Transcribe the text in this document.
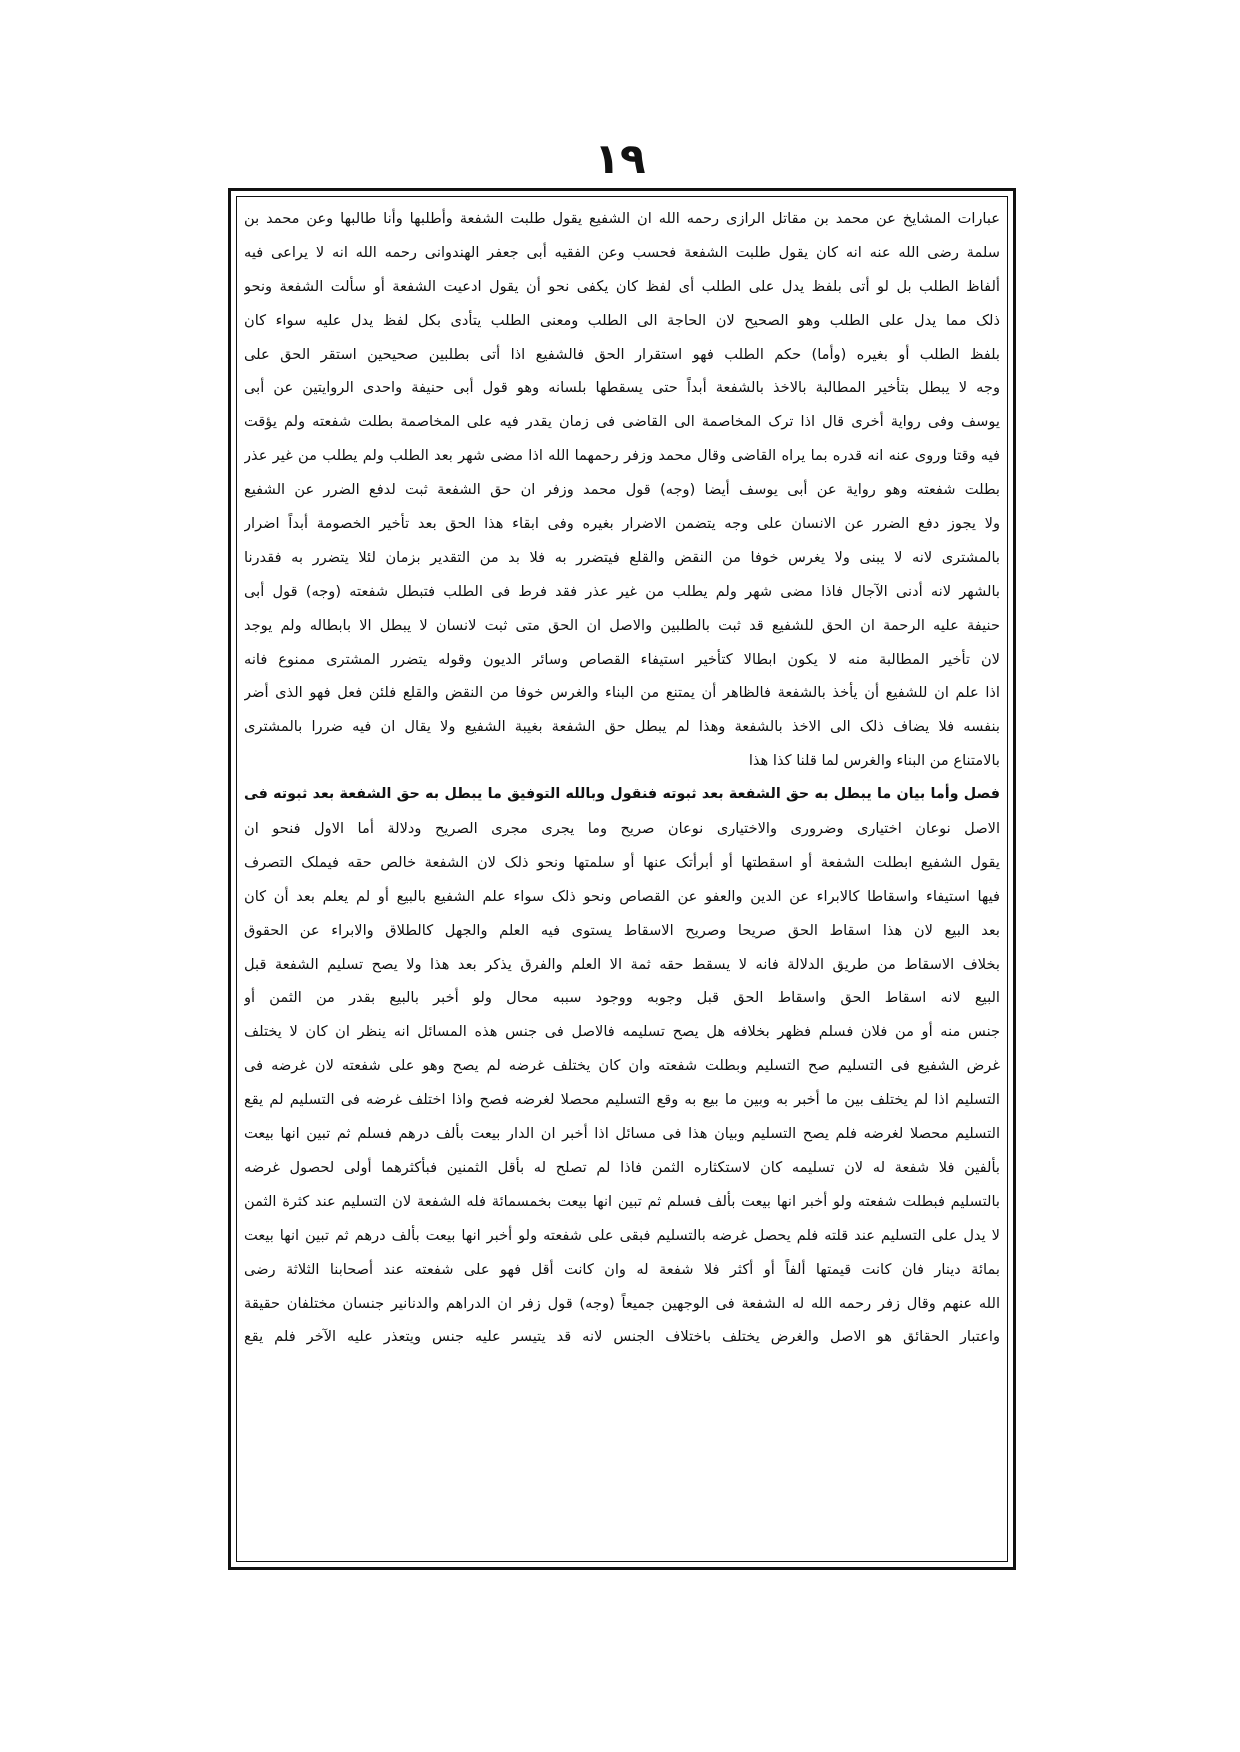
١٩
عبارات المشايخ عن محمد بن مقاتل الرازی رحمه الله ان الشفیع یقول طلبت الشفعة وأطلبها وأنا طالبها وعن محمد بن
سلمة رضی الله عنه انه کان یقول طلبت الشفعة فحسب وعن الفقیه أبی جعفر الهندوانی رحمه الله انه لا یراعی فیه
ألفاظ الطلب بل لو أتی بلفظ یدل علی الطلب أی لفظ کان یکفی نحو أن یقول ادعیت الشفعة أو سألت الشفعة ونحو
ذلک مما یدل علی الطلب وهو الصحیح لان الحاجة الی الطلب ومعنی الطلب یتأدی بکل لفظ یدل علیه سواء کان
بلفظ الطلب أو بغیره (وأما) حکم الطلب فهو استقرار الحق فالشفیع اذا أتی بطلبین صحیحین استقر الحق علی
وجه لا یبطل بتأخیر المطالبة بالاخذ بالشفعة أبداً حتی یسقطها بلسانه وهو قول أبی حنیفة واحدی الروایتین عن أبی
یوسف وفی روایة أخری قال اذا ترک المخاصمة الی القاضی فی زمان یقدر فیه علی المخاصمة بطلت شفعته ولم یؤقت
فیه وقتا وروی عنه انه قدره بما یراه القاضی وقال محمد وزفر رحمهما الله اذا مضی شهر بعد الطلب ولم یطلب من غیر عذر
بطلت شفعته وهو روایة عن أبی یوسف أیضا (وجه) قول محمد وزفر ان حق الشفعة ثبت لدفع الضرر عن الشفیع
ولا یجوز دفع الضرر عن الانسان علی وجه یتضمن الاضرار بغیره وفی ابقاء هذا الحق بعد تأخیر الخصومة أبداً اضرار
بالمشتری لانه لا یبنی ولا یغرس خوفا من النقض والقلع فیتضرر به فلا بد من التقدیر بزمان لئلا یتضرر به فقدرنا
بالشهر لانه أدنی الآجال فاذا مضی شهر ولم یطلب من غیر عذر فقد فرط فی الطلب فتبطل شفعته (وجه) قول أبی
حنیفة علیه الرحمة ان الحق للشفیع قد ثبت بالطلبین والاصل ان الحق متی ثبت لانسان لا یبطل الا بابطاله ولم یوجد
لان تأخیر المطالبة منه لا یکون ابطالا کتأخیر استیفاء القصاص وسائر الدیون وقوله یتضرر المشتری ممنوع فانه
اذا علم ان للشفیع أن یأخذ بالشفعة فالظاهر أن یمتنع من البناء والغرس خوفا من النقض والقلع فلئن فعل فهو الذی أضر
بنفسه فلا یضاف ذلک الی الاخذ بالشفعة وهذا لم یبطل حق الشفعة بغیبة الشفیع ولا یقال ان فیه ضررا بالمشتری
بالامتناع من البناء والغرس لما قلنا کذا هذا
فصل وأما بیان ما یبطل به حق الشفعة بعد ثبوته فنقول وبالله التوفیق ما یبطل به حق الشفعة بعد ثبوته فی
الاصل نوعان اختیاری وضروری والاختیاری نوعان صریح وما یجری مجری الصریح ودلالة أما الاول فنحو ان
یقول الشفیع ابطلت الشفعة أو اسقطتها أو أبرأتک عنها أو سلمتها ونحو ذلک لان الشفعة خالص حقه فیملک التصرف
فیها استیفاء واسقاطا کالابراء عن الدین والعفو عن القصاص ونحو ذلک سواء علم الشفیع بالبیع أو لم یعلم بعد أن کان
بعد البیع لان هذا اسقاط الحق صریحا وصریح الاسقاط یستوی فیه العلم والجهل کالطلاق والابراء عن الحقوق
بخلاف الاسقاط من طریق الدلالة فانه لا یسقط حقه ثمة الا العلم والفرق یذکر بعد هذا ولا یصح تسلیم الشفعة قبل
البیع لانه اسقاط الحق واسقاط الحق قبل وجوبه ووجود سببه محال ولو أخبر بالبیع بقدر من الثمن أو
جنس منه أو من فلان فسلم فظهر بخلافه هل یصح تسلیمه فالاصل فی جنس هذه المسائل انه ینظر ان کان لا یختلف
غرض الشفیع فی التسلیم صح التسلیم وبطلت شفعته وان کان یختلف غرضه لم یصح وهو علی شفعته لان غرضه فی
التسلیم اذا لم یختلف بین ما أخبر به وبین ما بیع به وقع التسلیم محصلا لغرضه فصح واذا اختلف غرضه فی التسلیم لم یقع
التسلیم محصلا لغرضه فلم یصح التسلیم وبیان هذا فی مسائل اذا أخبر ان الدار بیعت بألف درهم فسلم ثم تبین انها بیعت
بألفین فلا شفعة له لان تسلیمه کان لاستکثاره الثمن فاذا لم تصلح له بأقل الثمنین فبأکثرهما أولی لحصول غرضه
بالتسلیم فبطلت شفعته ولو أخبر انها بیعت بألف فسلم ثم تبین انها بیعت بخمسمائة فله الشفعة لان التسلیم عند کثرة الثمن
لا یدل علی التسلیم عند قلته فلم یحصل غرضه بالتسلیم فبقی علی شفعته ولو أخبر انها بیعت بألف درهم ثم تبین انها بیعت
بمائة دینار فان کانت قیمتها ألفاً أو أکثر فلا شفعة له وان کانت أقل فهو علی شفعته عند أصحابنا الثلاثة رضی
الله عنهم وقال زفر رحمه الله له الشفعة فی الوجهین جمیعاً (وجه) قول زفر ان الدراهم والدنانیر جنسان مختلفان حقیقة
واعتبار الحقائق هو الاصل والغرض یختلف باختلاف الجنس لانه قد یتیسر علیه جنس ویتعذر علیه الآخر فلم یقع
